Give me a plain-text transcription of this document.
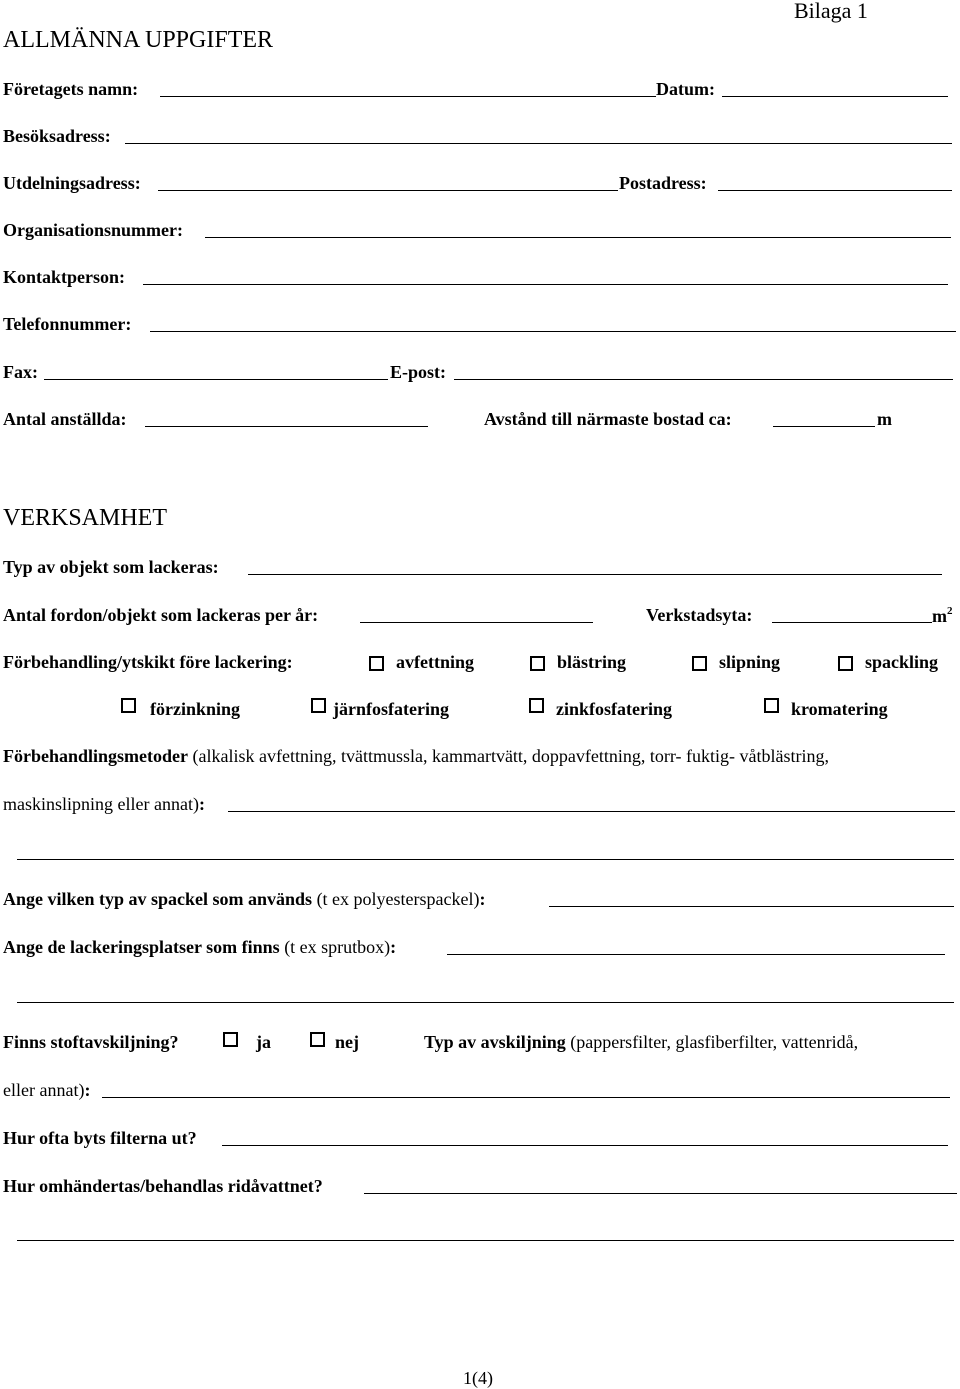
Bilaga 1
ALLMÄNNA UPPGIFTER
Företagets namn:	Datum:
Besöksadress:
Utdelningsadress:	Postadress:
Organisationsnummer:
Kontaktperson:
Telefonnummer:
Fax:	E-post:
Antal anställda:	Avstånd till närmaste bostad ca:	m
VERKSAMHET
Typ av objekt som lackeras:
Antal fordon/objekt som lackeras per år:	Verkstadsyta:	$m^2$
Förbehandling/ytskikt före lackering:	avfettning	blästring	slipning	spackling
förzinkning	järnfosfatering	zinkfosfatering	kromatering
Förbehandlingsmetoder (alkalisk avfettning, tvättmussla, kammartvätt, doppavfettning, torr- fuktig- våtblästring,
maskinslipning eller annat):
Ange vilken typ av spackel som används (t ex polyesterspackel):
Ange de lackeringsplatser som finns (t ex sprutbox):
Finns stoftavskiljning?	ja	nej	Typ av avskiljning (pappersfilter, glasfiberfilter, vattenridå,
eller annat):
Hur ofta byts filterna ut?
Hur omhändertas/behandlas ridåvattnet?
1(4)
